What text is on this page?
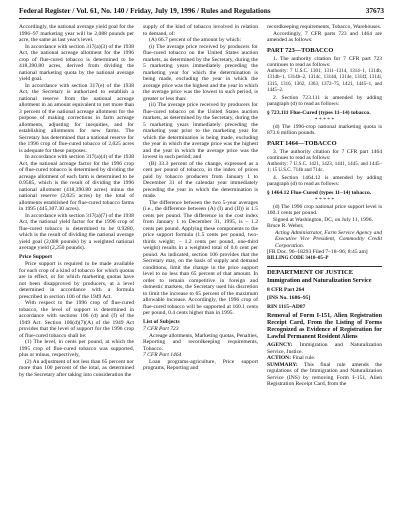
Federal Register / Vol. 61, No. 140 / Friday, July 19, 1996 / Rules and Regulations	37673

Accordingly, the national average yield goal for the 1996–97 marketing year will be 2,088 pounds per acre, the same as last year's level.

In accordance with section 317(a)(3) of the 1938 Act, the national acreage allotment for the 1996 crop of flue-cured tobacco is determined to be 418,390.80 acres, derived from dividing the national marketing quota by the national average yield goal.

In accordance with section 317(e) of the 1938 Act, the Secretary is authorized to establish a national reserve from the national acreage allotment in an amount equivalent to not more than 3 percent of the national acreage allotment for the purpose of making corrections in farm acreage allotments, adjusting for inequities, and for establishing allotments for new farms. The Secretary has determined that a national reserve for the 1996 crop of flue-cured tobacco of 2,025 acres is adequate for these purposes.

In accordance with section 317(a)(4) of the 1938 Act, the national acreage factor for the 1996 crop of flue-cured tobacco is determined by dividing the acreage allotment of each farm is determined to be 0.9585, which is the result of dividing the 1996 national allotment (418,390.80 acres) minus the national reserve (2,025 acres) by the total of allotments established for flue-cured tobacco farms in 1995 (445,307.30 acres).

In accordance with section 317(a)(7) of the 1938 Act, the national yield factor for the 1996 crop of flue-cured tobacco is determined to be 0.9280, which is the result of dividing the national average yield goal (2,088 pounds) by a weighted national average yield (2,250 pounds).

Price Support

Price support is required to be made available for each crop of a kind of tobacco for which quotas are in effect, or for which marketing quotas have not been disapproved by producers, at a level determined in accordance with a formula prescribed in section 106 of the 1949 Act.

With respect to the 1996 crop of flue-cured tobacco, the level of support is determined in accordance with sections 106 (d) and (f) of the 1949 Act. Section 106(d)(7)(A) of the 1949 Act provides that the level of support for the 1996 crop of flue-cured tobacco shall be:

(1) The level, in cents per pound, at which the 1995 crop of flue-cured tobacco was supported, plus or minus, respectively,

(2) An adjustment of not less than 65 percent nor more than 100 percent of the total, as determined by the Secretary after taking into consideration the

supply of the kind of tobacco involved in relation to demand, of:

(A) 66.7 percent of the amount by which:

(i) The average price received by producers for flue-cured tobacco on the United States auction markets, as determined by the Secretary, during the 5 marketing years immediately preceding the marketing year for which the determination is being made, excluding the year in which the average price was the highest and the year in which the average price was the lowest in such period, is greater or less than:

(ii) The average price received by producers for flue-cured tobacco on the United States auction markets, as determined by the Secretary, during the 5 marketing years immediately preceding the marketing year prior to the marketing year for which the determination is being made, excluding the year in which the average price was the highest and the year in which the average price was the lowest in such period; and

(B) 33.3 percent of the change, expressed as a cent per pound of tobacco, in the index of prices paid by tobacco producers from January 1 to December 31 of the calendar year immediately preceding the year in which the determination is made.

The difference between the two 5-year averages (i.e., the difference between (A) (I) and (II)) is 1.5 cents per pound. The difference in the cost index from January 1 to December 31, 1995, is − 1.2 cents per pound. Applying these components to the price support formula (1.5 cents per pound, two-thirds weight; − 1.2 cents per pound, one-third weight) results in a weighted total of 0.6 cent per pound. As indicated, section 106 provides that the Secretary may, on the basis of supply and demand conditions, limit the change in the price support level to no less than 65 percent of that amount. In order to remain competitive in foreign and domestic markets, the Secretary used his discretion to limit the increase to 65 percent of the maximum allowable increase. Accordingly, the 1996 crop of flue-cured tobacco will be supported at 160.1 cents per pound, 0.4 cents higher than in 1995.

List of Subjects

7 CFR Part 723

Acreage allotments, Marketing quotas, Penalties, Reporting and recordkeeping requirements, Tobacco.

7 CFR Part 1464

Loan programs-agriculture, Price support programs, Reporting and

recordkeeping requirements, Tobacco, Warehouses.

Accordingly, 7 CFR parts 723 and 1464 are amended as follows:

PART 723—TOBACCO

1. The authority citation for 7 CFR part 723 continues to read as follows:

Authority: 7 U.S.C. 1301, 1311–1314, 1314–1, 1314b, 1314b–1, 1314b–2, 1314c, 1314d, 1314e, 1314f, 1314i, 1315, 1316, 1362, 1363, 1372–75, 1421, 1445–1, and 1445–2.

2. Section 723.111 is amended by adding paragraph (d) to read as follows:

§ 723.111 Flue-Cured (types 11–14) tobacco.

* * * * *

(d) The 1996-crop national marketing quota is 873.6 million pounds.

PART 1464—TOBACCO

3. The authority citation for 7 CFR part 1464 continues to read as follows:

Authority: 7 U.S.C. 1421, 1423, 1441, 1445, and 1445–1; 15 U.S.C. 714b and 714c.

4. Section 1464.12 is amended by adding paragraph (d) to read as follows:

§ 1464.12 Flue-Cured (types 11–14) tobacco.

* * * * *

(d) The 1996 crop national price support level is 160.1 cents per pound.

Signed at Washington, DC, on July 11, 1996.

Bruce R. Weber,

Acting Administrator, Farm Service Agency and Executive Vice President, Commodity Credit Corporation.

[FR Doc. 96–18293 Filed 7–18–96; 8:45 am]

BILLING CODE 3410–05–P

DEPARTMENT OF JUSTICE

Immigration and Naturalization Service

8 CFR Part 264

[INS No. 1686–95]

RIN 1115–AD87

Removal of Form I-151, Alien Registration Receipt Card, From the Listing of Forms Recognized as Evidence of Registration for Lawful Permanent Resident Aliens

AGENCY: Immigration and Naturalization Service, Justice.

ACTION: Final rule.

SUMMARY: This final rule amends the regulations of the Immigration and Naturalization Service (INS) by removing Form I–151, Alien Registration Receipt Card, from the
